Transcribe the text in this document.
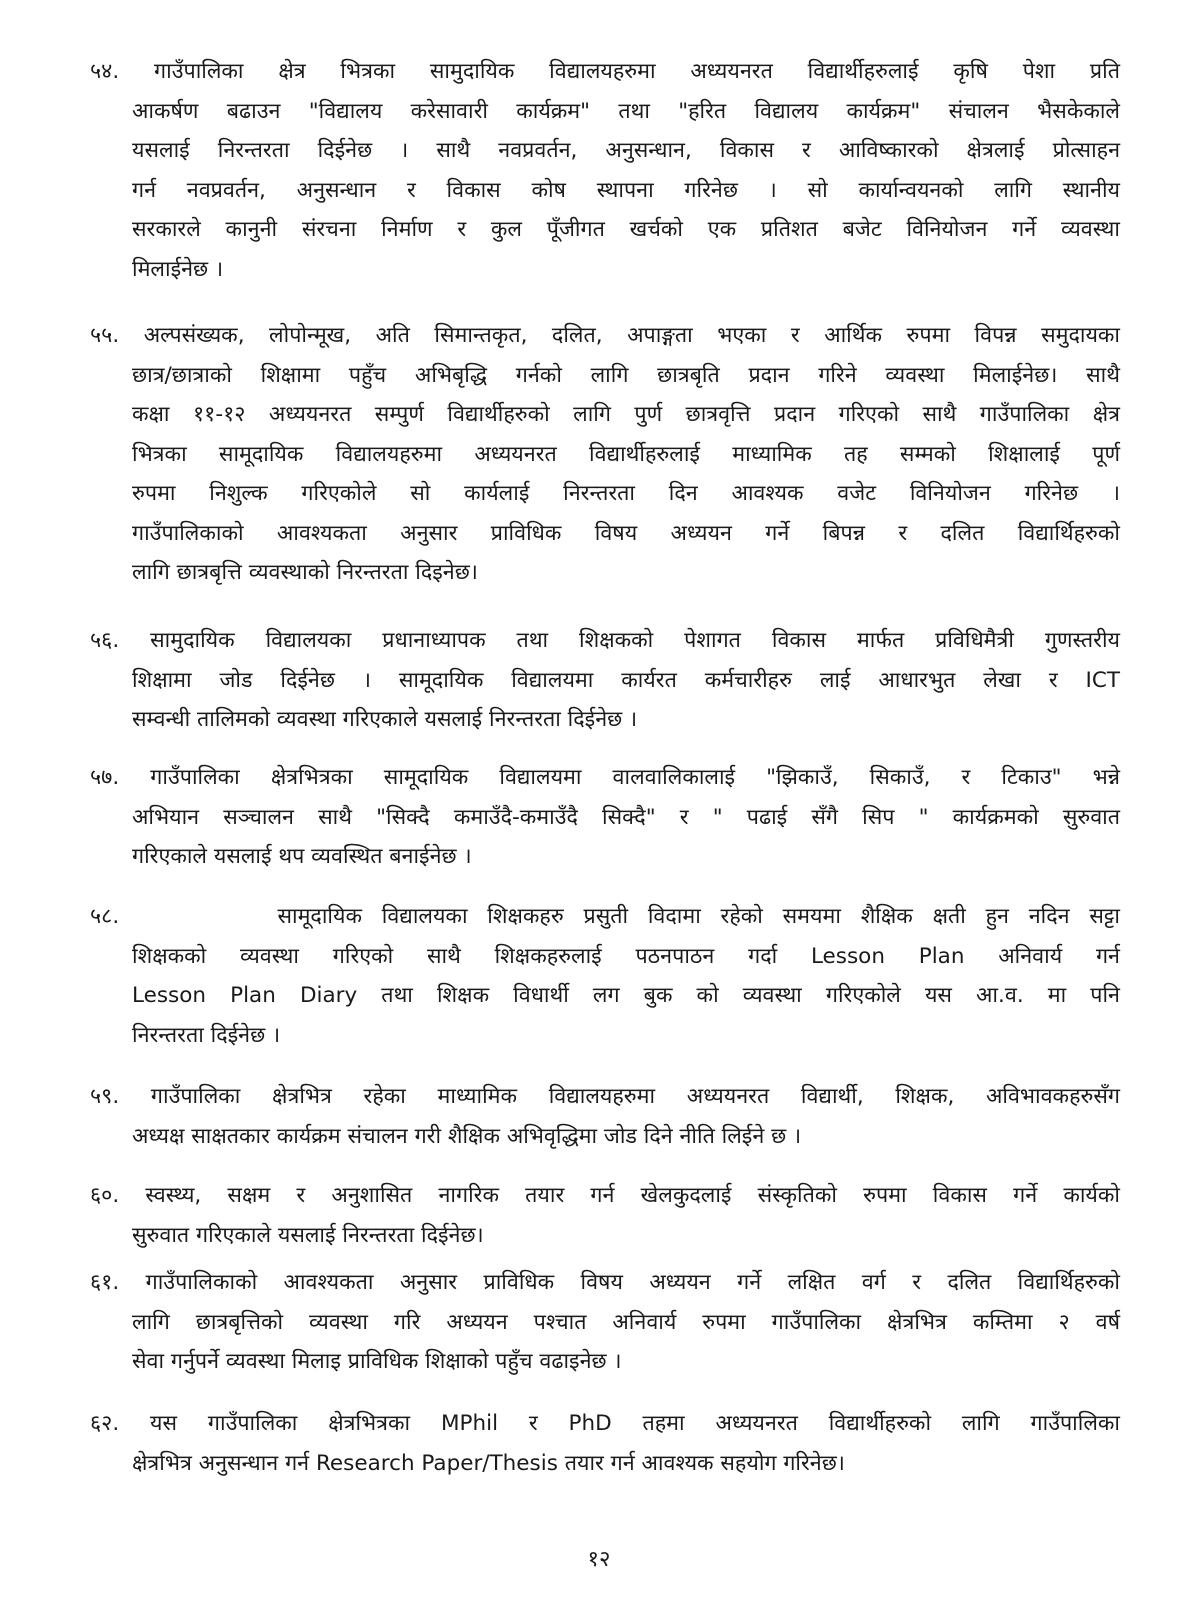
५४. गाउँपालिका क्षेत्र भित्रका सामुदायिक विद्यालयहरुमा अध्ययनरत विद्यार्थीहरुलाई कृषि पेशा प्रति
आकर्षण बढाउन "विद्यालय करेसावारी कार्यक्रम" तथा "हरित विद्यालय कार्यक्रम" संचालन भैसकेकाले
यसलाई निरन्तरता दिईनेछ । साथै नवप्रवर्तन, अनुसन्धान, विकास र आविष्कारको क्षेत्रलाई प्रोत्साहन
गर्न नवप्रवर्तन, अनुसन्धान र विकास कोष स्थापना गरिनेछ । सो कार्यान्वयनको लागि स्थानीय
सरकारले कानुनी संरचना निर्माण र कुल पूँजीगत खर्चको एक प्रतिशत बजेट विनियोजन गर्ने व्यवस्था
मिलाईनेछ ।
५५. अल्पसंख्यक, लोपोन्मूख, अति सिमान्तकृत, दलित, अपाङ्गता भएका र आर्थिक रुपमा विपन्न समुदायका
छात्र/छात्राको शिक्षामा पहुँच अभिबृद्धि गर्नको लागि छात्रबृति प्रदान गरिने व्यवस्था मिलाईनेछ। साथै
कक्षा ११-१२ अध्ययनरत सम्पुर्ण विद्यार्थीहरुको लागि पुर्ण छात्रवृत्ति प्रदान गरिएको साथै गाउँपालिका क्षेत्र
भित्रका सामूदायिक विद्यालयहरुमा अध्ययनरत विद्यार्थीहरुलाई माध्यामिक तह सम्मको शिक्षालाई पूर्ण
रुपमा निशुल्क गरिएकोले सो कार्यलाई निरन्तरता दिन आवश्यक वजेट विनियोजन गरिनेछ ।
गाउँपालिकाको आवश्यकता अनुसार प्राविधिक विषय अध्ययन गर्ने बिपन्न र दलित विद्यार्थिहरुको
लागि छात्रबृत्ति व्यवस्थाको निरन्तरता दिइनेछ।
५६. सामुदायिक विद्यालयका प्रधानाध्यापक तथा शिक्षकको पेशागत विकास मार्फत प्रविधिमैत्री गुणस्तरीय
शिक्षामा जोड दिईनेछ । सामूदायिक विद्यालयमा कार्यरत कर्मचारीहरु लाई आधारभुत लेखा र ICT
सम्वन्धी तालिमको व्यवस्था गरिएकाले यसलाई निरन्तरता दिईनेछ ।
५७. गाउँपालिका क्षेत्रभित्रका सामूदायिक विद्यालयमा वालवालिकालाई "झिकाउँ, सिकाउँ, र टिकाउ" भन्ने
अभियान सञ्चालन साथै "सिक्दै कमाउँदै-कमाउँदै सिक्दै" र " पढाई सँगै सिप " कार्यक्रमको सुरुवात
गरिएकाले यसलाई थप व्यवस्थित बनाईनेछ ।
५८.	सामूदायिक विद्यालयका शिक्षकहरु प्रसुती विदामा रहेको समयमा शैक्षिक क्षती हुन नदिन सट्टा
शिक्षकको व्यवस्था गरिएको साथै शिक्षकहरुलाई पठनपाठन गर्दा Lesson Plan अनिवार्य गर्न
Lesson Plan Diary तथा शिक्षक विधार्थी लग बुक को व्यवस्था गरिएकोले यस आ.व. मा पनि
निरन्तरता दिईनेछ ।
५९. गाउँपालिका क्षेत्रभित्र रहेका माध्यामिक विद्यालयहरुमा अध्ययनरत विद्यार्थी, शिक्षक, अविभावकहरुसँग
अध्यक्ष साक्षतकार कार्यक्रम संचालन गरी शैक्षिक अभिवृद्धिमा जोड दिने नीति लिईने छ ।
६०. स्वस्थ्य, सक्षम र अनुशासित नागरिक तयार गर्न खेलकुदलाई संस्कृतिको रुपमा विकास गर्ने कार्यको
सुरुवात गरिएकाले यसलाई निरन्तरता दिईनेछ।
६१. गाउँपालिकाको आवश्यकता अनुसार प्राविधिक विषय अध्ययन गर्ने लक्षित वर्ग र दलित विद्यार्थिहरुको
लागि छात्रबृत्तिको व्यवस्था गरि अध्ययन पश्चात अनिवार्य रुपमा गाउँपालिका क्षेत्रभित्र कम्तिमा २ वर्ष
सेवा गर्नुपर्ने व्यवस्था मिलाइ प्राविधिक शिक्षाको पहुँच वढाइनेछ ।
६२. यस गाउँपालिका क्षेत्रभित्रका MPhil र PhD तहमा अध्ययनरत विद्यार्थीहरुको लागि गाउँपालिका
क्षेत्रभित्र अनुसन्धान गर्न Research Paper/Thesis तयार गर्न आवश्यक सहयोग गरिनेछ।
१२
